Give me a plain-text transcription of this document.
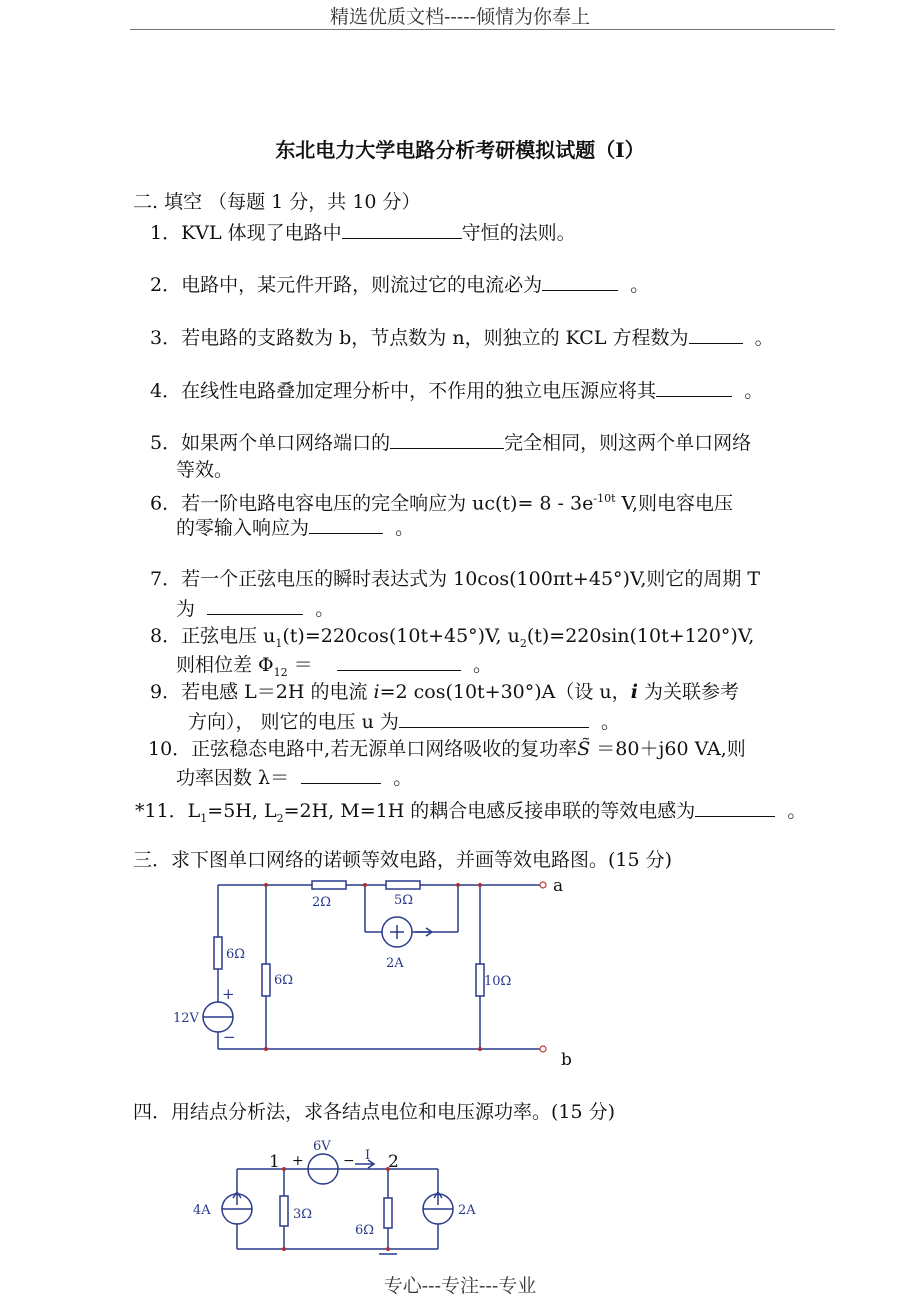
精选优质文档-----倾情为你奉上
东北电力大学电路分析考研模拟试题（Ⅰ）
二. 填空 （每题 1 分，共 10 分）
1．KVL 体现了电路中	守恒的法则。
2．电路中，某元件开路，则流过它的电流必为	。
3．若电路的支路数为 b，节点数为 n，则独立的 KCL 方程数为	。
4．在线性电路叠加定理分析中，不作用的独立电压源应将其	。
5．如果两个单口网络端口的	完全相同，则这两个单口网络
等效。
6．若一阶电路电容电压的完全响应为 $uc(t)= 8 - 3e^{-10t}$ V,则电容电压
的零输入响应为	。
7．若一个正弦电压的瞬时表达式为 10cos(100πt+45°)V,则它的周期 T
为	。
8．正弦电压 $u_1(t)=220\cos(10t+45^\circ)V$, $u_2(t)=220\sin(10t+120^\circ)V$,
则相位差 $\Phi_{12}$ ＝	。
9．若电感 L＝2H 的电流 i=2 cos(10t+30°)A（设 u，i 为关联参考
方向）， 则它的电压 u 为	。
10．正弦稳态电路中,若无源单口网络吸收的复功率S̃ ＝80＋j60 VA,则
功率因数 λ＝	。
*11．$L_1=5H$, $L_2=2H$, M=1H 的耦合电感反接串联的等效电感为	。
三．求下图单口网络的诺顿等效电路，并画等效电路图。(15 分)
2Ω	5Ω
6Ω
6Ω	10Ω
2A
12V
+
−
a
b
四．用结点分析法，求各结点电位和电压源功率。(15 分)
6V
4A	3Ω
6Ω
2A
I
+	−
1	2
专心---专注---专业
